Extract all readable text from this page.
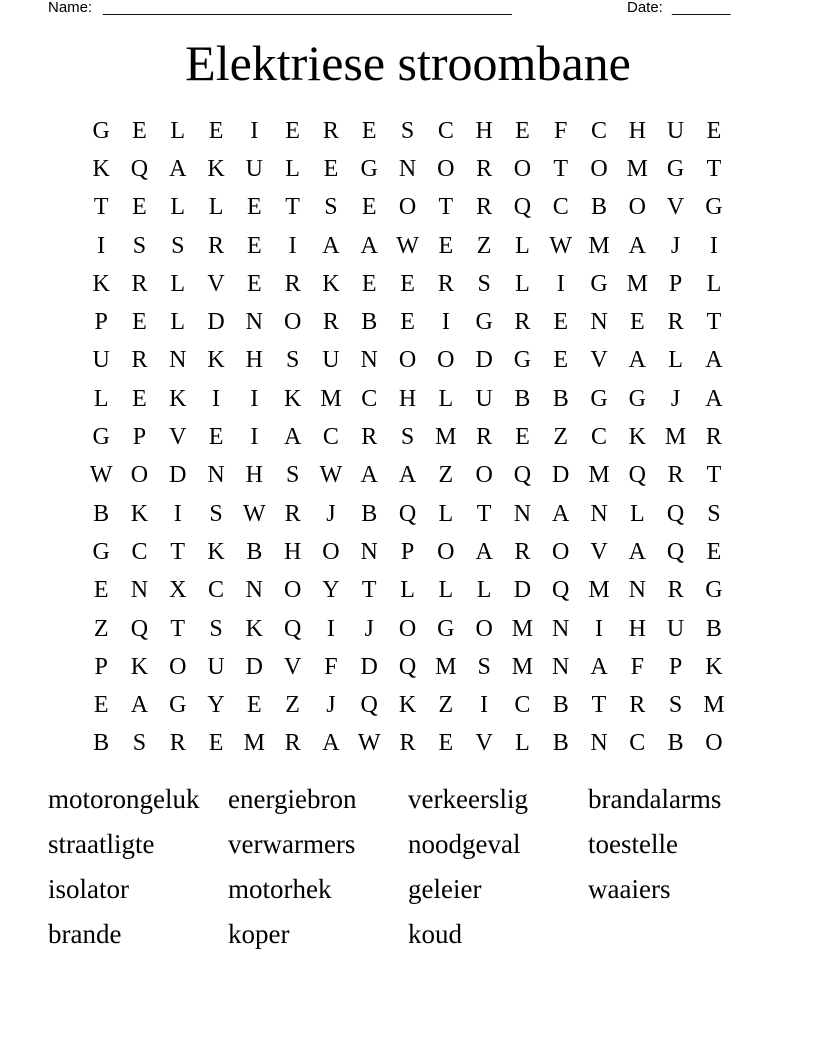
Name: _________________________________________________	Date: _______
Elektriese stroombane
G E L E	I	E R E	S C H E	F C H U E
K Q A K U L E G N O R O T O M G T
T E L L E T	S	E O T R Q C B O V G
I	S	S R E	I	A A W E Z L W M A	J	I
K R L V E R K E E R S	L	I	G M P	L
P	E L D N O R B E	I	G R E N E R T
U R N K H S U N O O D G E V A L A
L E K	I	I	K M C H L U B B G G	J	A
G P V E	I	A C R S M R E Z C K M R
W O D N H S W A A Z O Q D M Q R T
B K	I	S W R	J	B Q L T N A N L Q S
G C T K B H O N P O A R O V A Q E
E N X C N O Y T L L L D Q M N R G
Z Q T	S K Q	I	J	O G O M N	I	H U B
P K O U D V F D Q M S M N A F	P K
E A G Y E Z	J	Q K Z	I	C B T R S M
B S R E M R A W R E V L B N C B O
motorongeluk	energiebron	verkeerslig	brandalarms
straatligte	verwarmers	noodgeval	toestelle
isolator	motorhek	geleier	waaiers
brande	koper	koud
